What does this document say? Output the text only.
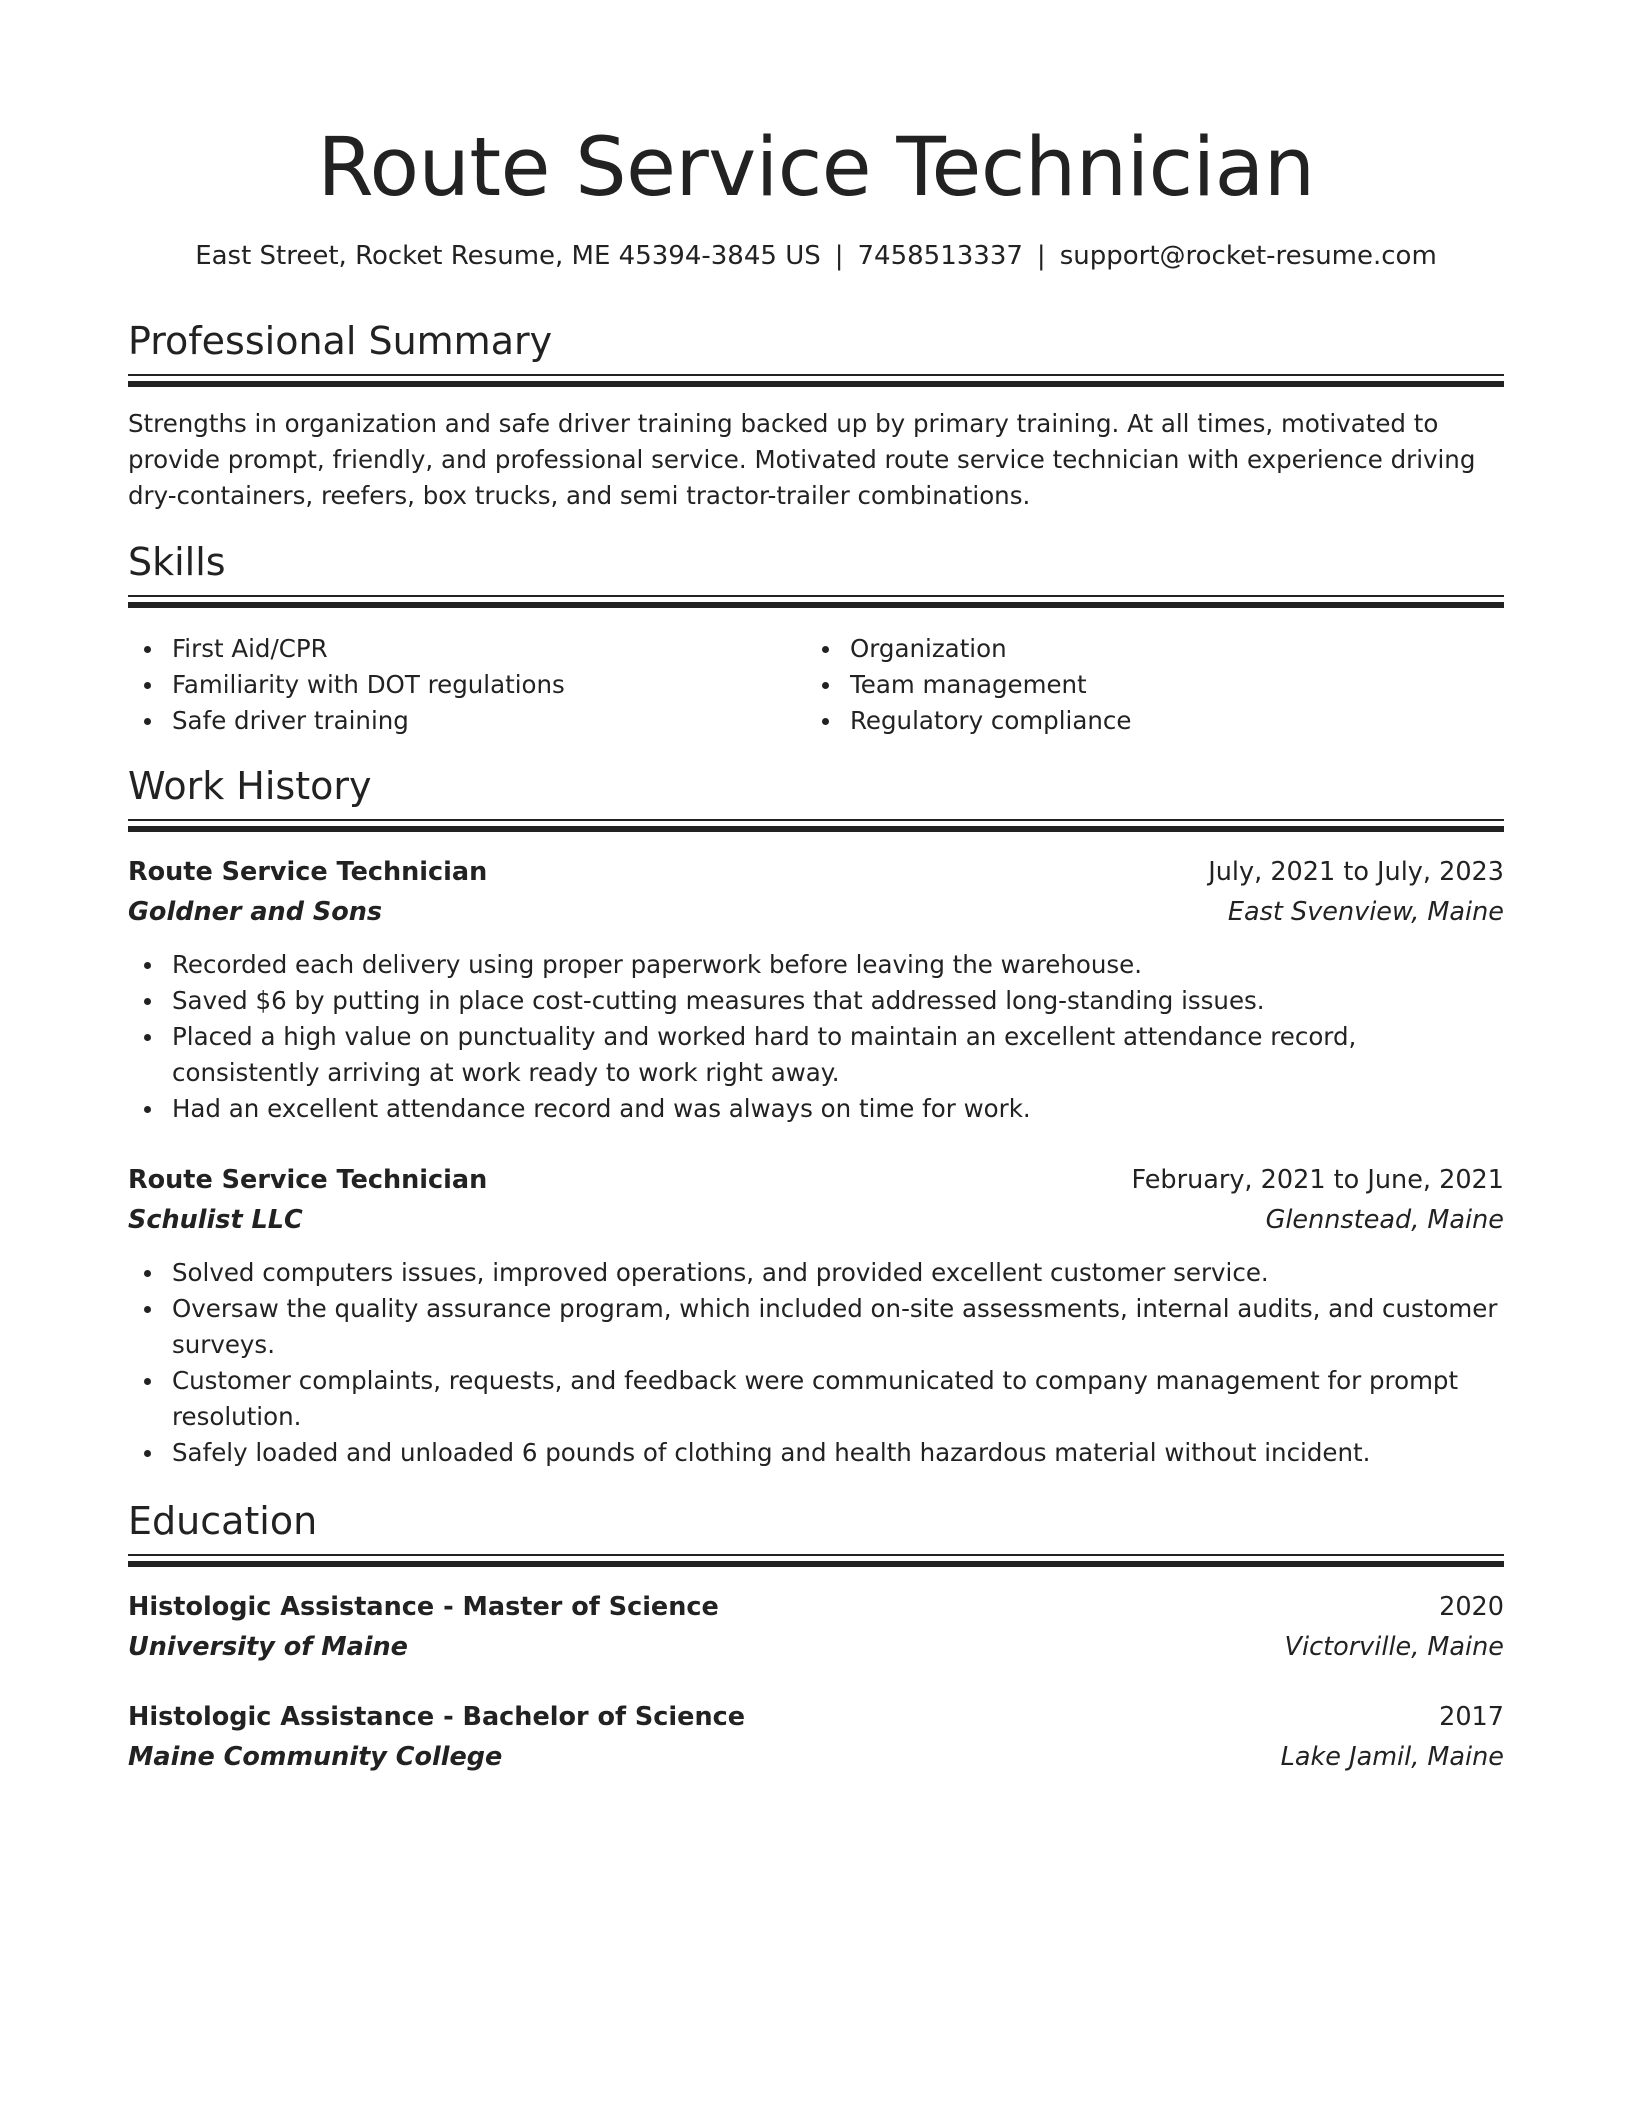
Route Service Technician
East Street, Rocket Resume, ME 45394-3845 US | 7458513337 | support@rocket-resume.com
Professional Summary

Strengths in organization and safe driver training backed up by primary training. At all times, motivated to provide prompt, friendly, and professional service. Motivated route service technician with experience driving dry-containers, reefers, box trucks, and semi tractor-trailer combinations.

Skills
First Aid/CPR
Familiarity with DOT regulations
Safe driver training
Organization
Team management
Regulatory compliance
Work History
Route Service Technician	July, 2021 to July, 2023
Goldner and Sons	East Svenview, Maine
Recorded each delivery using proper paperwork before leaving the warehouse.
Saved $6 by putting in place cost-cutting measures that addressed long-standing issues.
Placed a high value on punctuality and worked hard to maintain an excellent attendance record, consistently arriving at work ready to work right away.
Had an excellent attendance record and was always on time for work.
Route Service Technician	February, 2021 to June, 2021
Schulist LLC	Glennstead, Maine
Solved computers issues, improved operations, and provided excellent customer service.
Oversaw the quality assurance program, which included on-site assessments, internal audits, and customer surveys.
Customer complaints, requests, and feedback were communicated to company management for prompt resolution.
Safely loaded and unloaded 6 pounds of clothing and health hazardous material without incident.
Education
Histologic Assistance - Master of Science	2020
University of Maine	Victorville, Maine
Histologic Assistance - Bachelor of Science	2017
Maine Community College	Lake Jamil, Maine
